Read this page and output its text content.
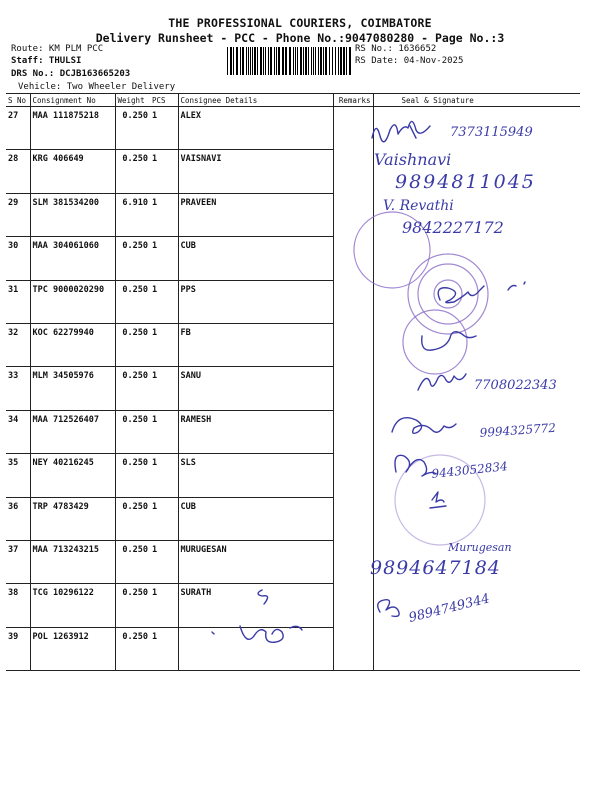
THE PROFESSIONAL COURIERS, COIMBATORE
Delivery Runsheet - PCC - Phone No.:9047080280 - Page No.:3
Route: KM PLM PCC
Staff: THULSI
DRS No.: DCJB163665203
Vehicle: Two Wheeler Delivery
RS No.: 1636652
RS Date: 04-Nov-2025
S No	Consignment No	Weight	PCS	Consignee Details	Remarks	Seal & Signature
27	MAA 111875218	0.250	1	ALEX		
28	KRG 406649	0.250	1	VAISNAVI		
29	SLM 381534200	6.910	1	PRAVEEN		
30	MAA 304061060	0.250	1	CUB		
31	TPC 9000020290	0.250	1	PPS		
32	KOC 62279940	0.250	1	FB		
33	MLM 34505976	0.250	1	SANU		
34	MAA 712526407	0.250	1	RAMESH		
35	NEY 40216245	0.250	1	SLS		
36	TRP 4783429	0.250	1	CUB		
37	MAA 713243215	0.250	1	MURUGESAN		
38	TCG 10296122	0.250	1	SURATH		
39	POL 1263912	0.250	1			
7373115949
Vaishnavi
9894811045
V. Revathi
9842227172
7708022343
9994325772
9443052834
Murugesan
9894647184
9894749344
